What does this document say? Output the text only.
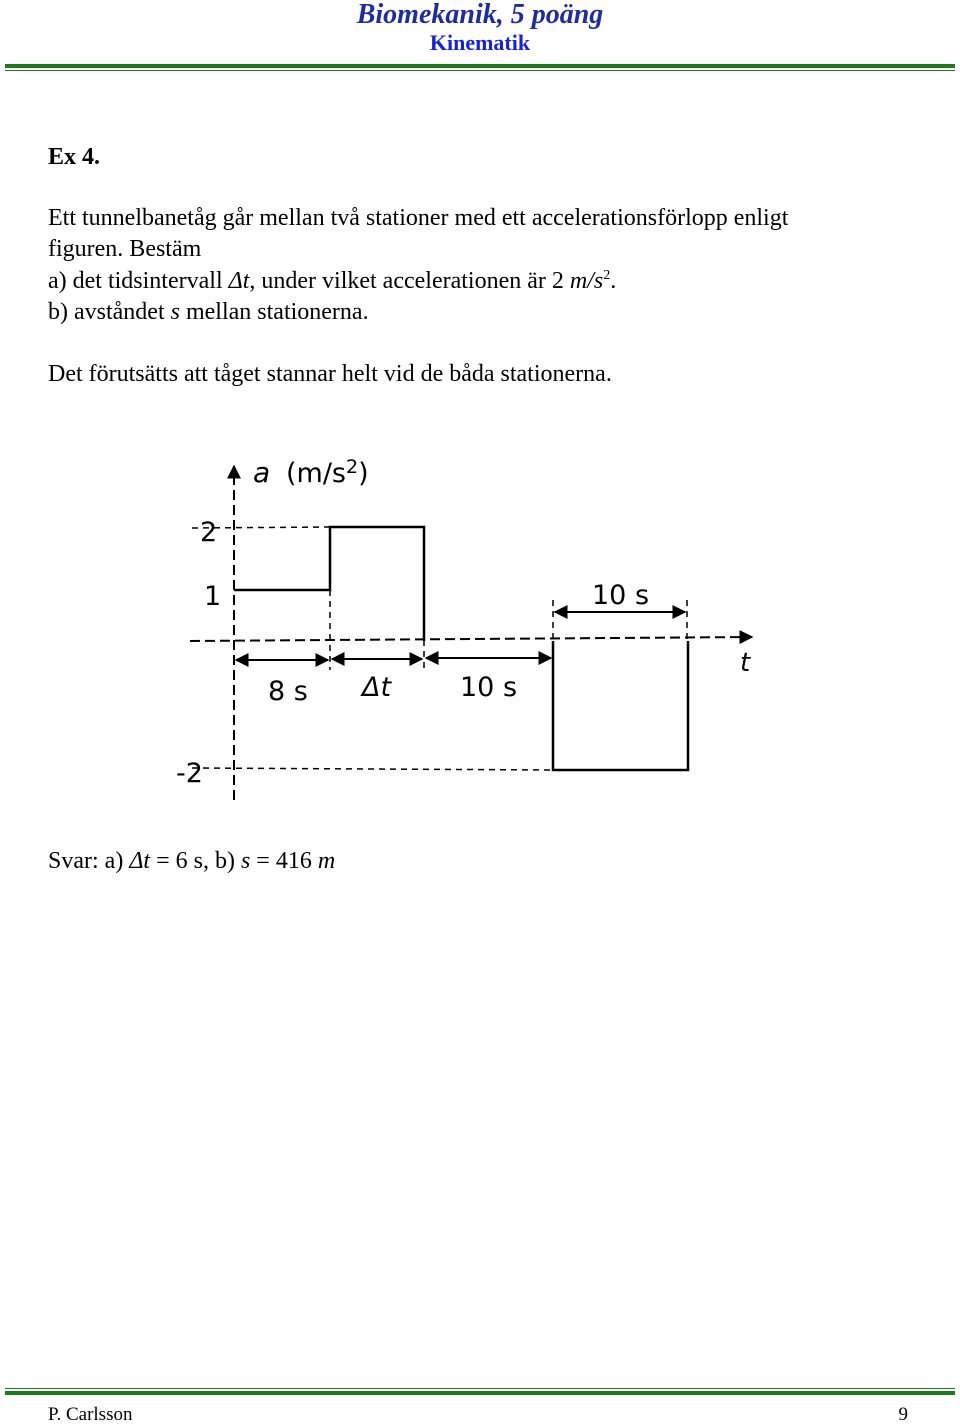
Biomekanik, 5 poäng
Kinematik
Ex 4.
Ett tunnelbanetåg går mellan två stationer med ett accelerationsförlopp enligt
figuren. Bestäm
a) det tidsintervall Δt, under vilket accelerationen är 2 $m/s^2$.
b) avståndet s mellan stationerna.
Det förutsätts att tåget stannar helt vid de båda stationerna.
a $(m/s^2)$
t
2
1
-2
8 s Δt	10 s
10 s
Svar: a) Δt = 6 s, b) s = 416 m
P. Carlsson	9
